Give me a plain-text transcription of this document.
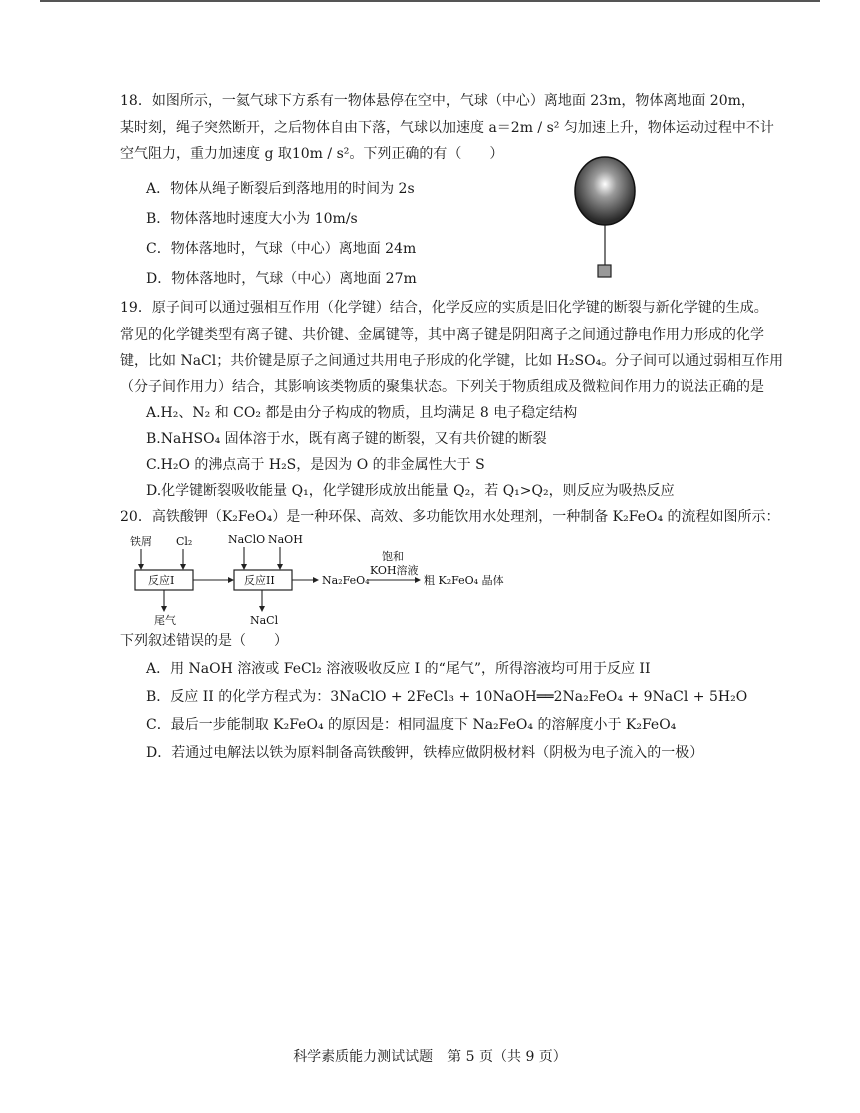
18．如图所示，一氦气球下方系有一物体悬停在空中，气球（中心）离地面 23m，物体离地面 20m，
某时刻，绳子突然断开，之后物体自由下落，气球以加速度 a＝2m / s² 匀加速上升，物体运动过程中不计
空气阻力，重力加速度 g 取10m / s²。下列正确的有（　　）
A．物体从绳子断裂后到落地用的时间为 2s
B．物体落地时速度大小为 10m/s
C．物体落地时，气球（中心）离地面 24m
D．物体落地时，气球（中心）离地面 27m
19．原子间可以通过强相互作用（化学键）结合，化学反应的实质是旧化学键的断裂与新化学键的生成。
常见的化学键类型有离子键、共价键、金属键等，其中离子键是阴阳离子之间通过静电作用力形成的化学
键，比如 NaCl；共价键是原子之间通过共用电子形成的化学键，比如 H₂SO₄。分子间可以通过弱相互作用
（分子间作用力）结合，其影响该类物质的聚集状态。下列关于物质组成及微粒间作用力的说法正确的是
A.H₂、N₂ 和 CO₂ 都是由分子构成的物质，且均满足 8 电子稳定结构
B.NaHSO₄ 固体溶于水，既有离子键的断裂，又有共价键的断裂
C.H₂O 的沸点高于 H₂S，是因为 O 的非金属性大于 S
D.化学键断裂吸收能量 Q₁，化学键形成放出能量 Q₂，若 Q₁>Q₂，则反应为吸热反应
20．高铁酸钾（K₂FeO₄）是一种环保、高效、多功能饮用水处理剂，一种制备 K₂FeO₄ 的流程如图所示：
铁屑 Cl₂
反应I
尾气
NaClO NaOH
反应II
NaCl
Na₂FeO₄
饱和
KOH溶液
粗 K₂FeO₄ 晶体
下列叙述错误的是（　　）
A．用 NaOH 溶液或 FeCl₂ 溶液吸收反应 I 的“尾气”，所得溶液均可用于反应 II
B．反应 II 的化学方程式为：3NaClO + 2FeCl₃ + 10NaOH══2Na₂FeO₄ + 9NaCl + 5H₂O
C．最后一步能制取 K₂FeO₄ 的原因是：相同温度下 Na₂FeO₄ 的溶解度小于 K₂FeO₄
D．若通过电解法以铁为原料制备高铁酸钾，铁棒应做阴极材料（阴极为电子流入的一极）
科学素质能力测试试题　第 5 页（共 9 页）
